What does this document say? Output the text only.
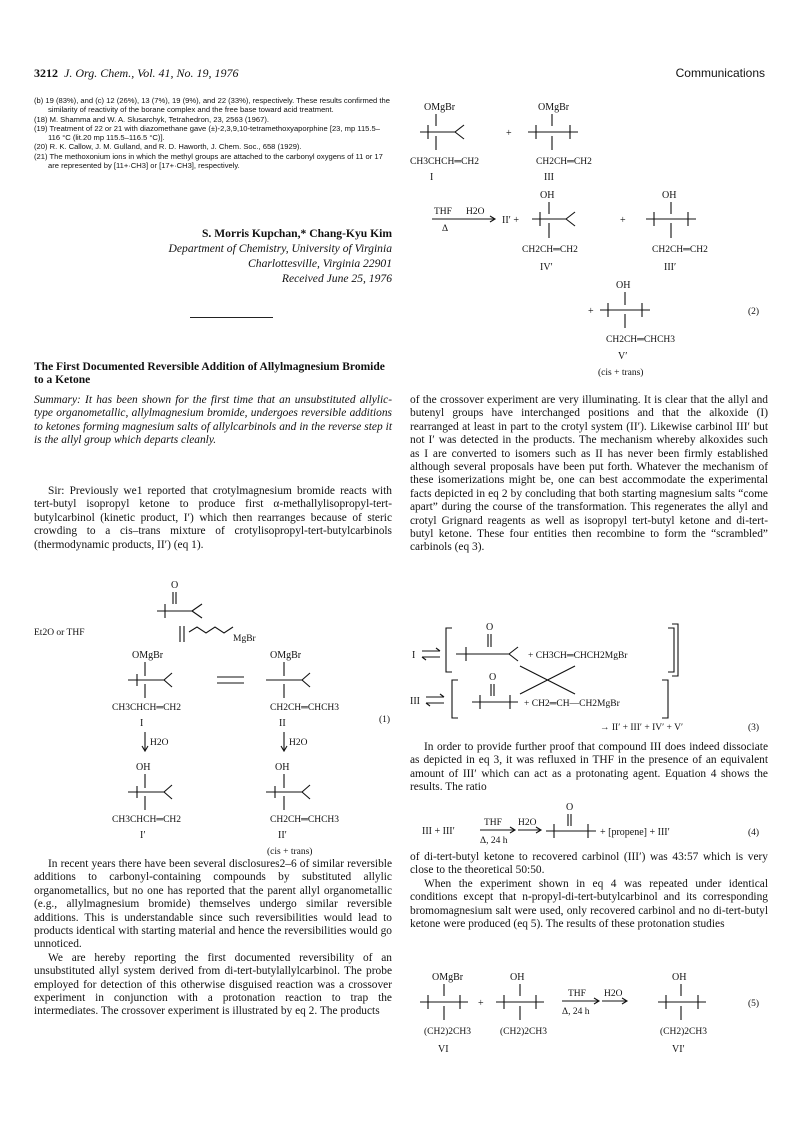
3212 J. Org. Chem., Vol. 41, No. 19, 1976	Communications

(b) 19 (83%), and (c) 12 (26%), 13 (7%), 19 (9%), and 22 (33%), respectively. These results confirmed the similarity of reactivity of the borane complex and the free base toward acid treatment.

(18) M. Shamma and W. A. Slusarchyk, Tetrahedron, 23, 2563 (1967).

(19) Treatment of 22 or 21 with diazomethane gave (±)-2,3,9,10-tetramethoxyaporphine [23, mp 115.5–116 °C (lit.20 mp 115.5–116.5 °C)].

(20) R. K. Callow, J. M. Gulland, and R. D. Haworth, J. Chem. Soc., 658 (1929).

(21) The methoxonium ions in which the methyl groups are attached to the carbonyl oxygens of 11 or 17 are represented by [11+·CH3] or [17+·CH3], respectively.

S. Morris Kupchan,* Chang-Kyu Kim
Department of Chemistry, University of Virginia
Charlottesville, Virginia 22901
Received June 25, 1976
The First Documented Reversible Addition of Allylmagnesium Bromide to a Ketone

Summary: It has been shown for the first time that an unsubstituted allylic-type organometallic, allylmagnesium bromide, undergoes reversible additions to ketones forming magnesium salts of allylcarbinols and in the reverse step it is the allyl group which departs cleanly.

Sir: Previously we1 reported that crotylmagnesium bromide reacts with tert-butyl isopropyl ketone to produce first α-methallylisopropyl-tert-butylcarbinol (kinetic product, I′) which then rearranges because of steric crowding to a cis–trans mixture of crotylisopropyl-tert-butylcarbinols (thermodynamic products, II′) (eq 1).

O
Et2O or THF
MgBr
OMgBr	OMgBr
CH3CHCH═CH2	CH2CH═CHCH3
I	II	(1)
H2O	H2O
OH	OH
CH3CHCH═CH2	CH2CH═CHCH3
I′	II′
(cis + trans)

In recent years there have been several disclosures2–6 of similar reversible additions to carbonyl-containing compounds by substituted allylic organometallics, but no one has reported that the parent allyl organometallic (e.g., allylmagnesium bromide) themselves undergo similar reversible additions. This is understandable since such reversibilities would lead to products identical with starting material and hence the reversibilities would go unnoticed.

We are hereby reporting the first documented reversibility of an unsubstituted allyl system derived from di-tert-butylallylcarbinol. The probe employed for detection of this otherwise disguised reaction was a crossover experiment in conjunction with a protonation reaction to trap the intermediates. The crossover experiment is illustrated by eq 2. The products

OMgBr	OMgBr
+
CH3CHCH═CH2	CH2CH═CH2
I	III
THF H2O
Δ
II′ +
OH	OH
+
CH2CH═CH2	CH2CH═CH2
IV′	III′
OH
+
CH2CH═CHCH3
V′
(cis + trans)
(2)

of the crossover experiment are very illuminating. It is clear that the allyl and butenyl groups have interchanged positions and that the alkoxide (I) rearranged at least in part to the crotyl system (II′). Likewise carbinol III′ but not I′ was detected in the products. The mechanism whereby alkoxides such as I are converted to isomers such as II has never been firmly established although several proposals have been put forth. Whatever the mechanism of these isomerizations might be, one can best accommodate the experimental facts depicted in eq 2 by concluding that both starting magnesium salts “come apart” during the course of the transformation. This regenerates the allyl and crotyl Grignard reagents as well as isopropyl tert-butyl ketone and di-tert-butyl ketone. These four entities then recombine to form the “scrambled” carbinols (eq 3).

I
O
+ CH3CH═CHCH2MgBr
III
O
+ CH2═CH—CH2MgBr
→ II′ + III′ + IV′ + V′	(3)

In order to provide further proof that compound III does indeed dissociate as depicted in eq 3, it was refluxed in THF in the presence of an equivalent amount of III′ which can act as a protonating agent. Equation 4 shows the results. The ratio

III + III′
THF
Δ, 24 h
H2O
O
+ [propene] + III′	(4)

of di-tert-butyl ketone to recovered carbinol (III′) was 43:57 which is very close to the theoretical 50:50.

When the experiment shown in eq 4 was repeated under identical conditions except that n-propyl-di-tert-butylcarbinol and its corresponding bromomagnesium salt were used, only recovered carbinol and no di-tert-butyl ketone were produced (eq 5). The results of these protonation studies

OMgBr	OH	OH
+
THF
Δ, 24 h
H2O
(CH2)2CH3	(CH2)2CH3	(CH2)2CH3
VI	VI′
(5)
